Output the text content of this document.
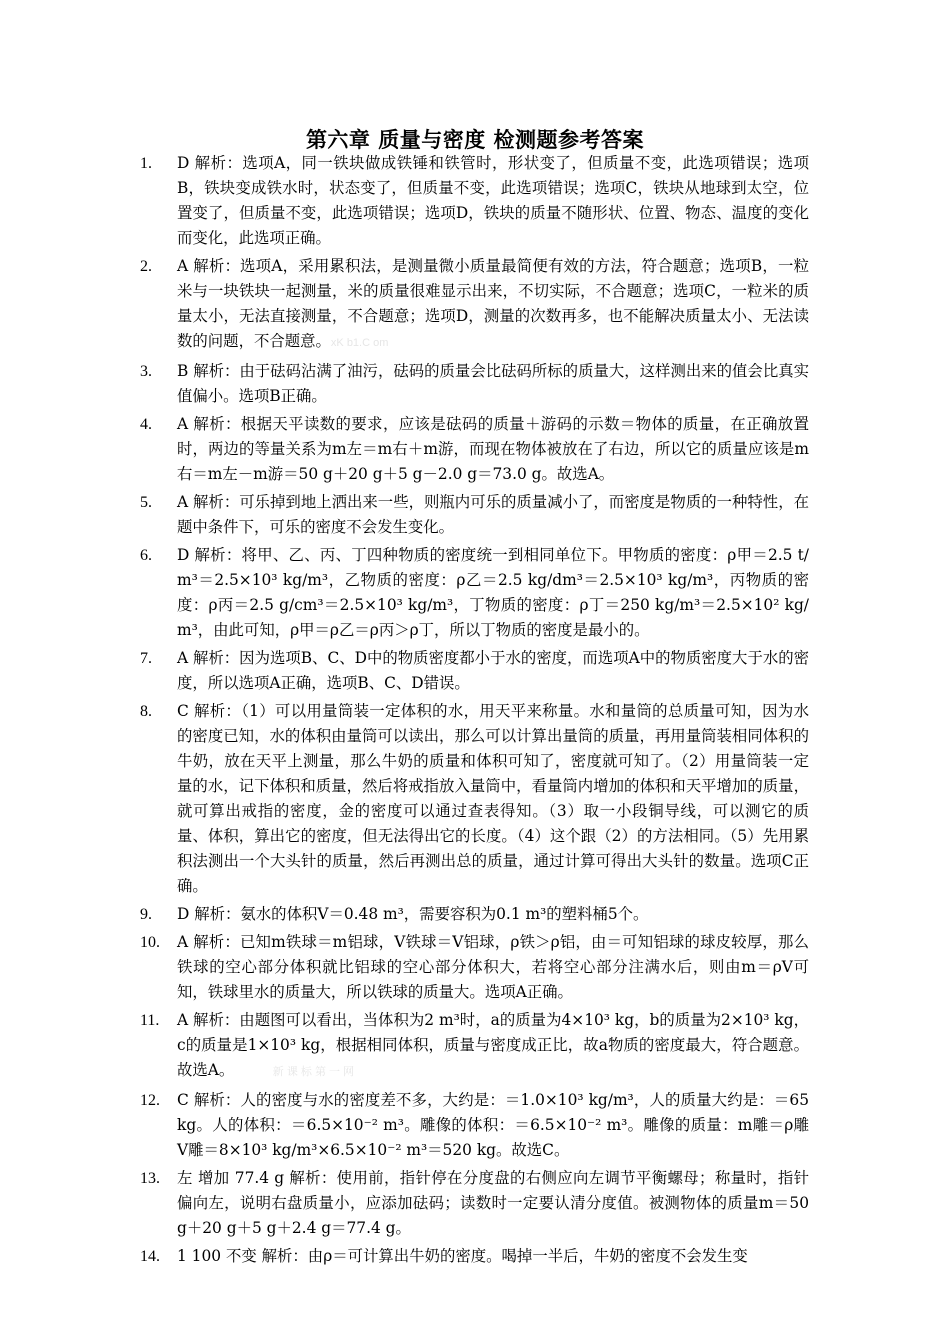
第六章 质量与密度 检测题参考答案
1.	D 解析：选项A，同一铁块做成铁锤和铁管时，形状变了，但质量不变，此选项错误；选项B，铁块变成铁水时，状态变了，但质量不变，此选项错误；选项C，铁块从地球到太空，位置变了，但质量不变，此选项错误；选项D，铁块的质量不随形状、位置、物态、温度的变化而变化，此选项正确。
2.	A 解析：选项A，采用累积法，是测量微小质量最简便有效的方法，符合题意；选项B，一粒米与一块铁块一起测量，米的质量很难显示出来，不切实际，不合题意；选项C，一粒米的质量太小，无法直接测量，不合题意；选项D，测量的次数再多，也不能解决质量太小、无法读数的问题，不合题意。xK b1.C om
3.	B 解析：由于砝码沾满了油污，砝码的质量会比砝码所标的质量大，这样测出来的值会比真实值偏小。选项B正确。
4.	A 解析：根据天平读数的要求，应该是砝码的质量＋游码的示数＝物体的质量，在正确放置时，两边的等量关系为m左＝m右＋m游，而现在物体被放在了右边，所以它的质量应该是m右＝m左－m游＝50 g＋20 g＋5 g－2.0 g＝73.0 g。故选A。
5.	A 解析：可乐掉到地上洒出来一些，则瓶内可乐的质量减小了，而密度是物质的一种特性，在题中条件下，可乐的密度不会发生变化。
6.	D 解析：将甲、乙、丙、丁四种物质的密度统一到相同单位下。甲物质的密度：ρ甲＝2.5 t/m³＝2.5×10³ kg/m³，乙物质的密度：ρ乙＝2.5 kg/dm³＝2.5×10³ kg/m³，丙物质的密度：ρ丙＝2.5 g/cm³＝2.5×10³ kg/m³，丁物质的密度：ρ丁＝250 kg/m³＝2.5×10² kg/m³，由此可知，ρ甲＝ρ乙＝ρ丙＞ρ丁，所以丁物质的密度是最小的。
7.	A 解析：因为选项B、C、D中的物质密度都小于水的密度，而选项A中的物质密度大于水的密度，所以选项A正确，选项B、C、D错误。
8.	C 解析：（1）可以用量筒装一定体积的水，用天平来称量。水和量筒的总质量可知，因为水的密度已知，水的体积由量筒可以读出，那么可以计算出量筒的质量，再用量筒装相同体积的牛奶，放在天平上测量，那么牛奶的质量和体积可知了，密度就可知了。（2）用量筒装一定量的水，记下体积和质量，然后将戒指放入量筒中，看量筒内增加的体积和天平增加的质量，就可算出戒指的密度，金的密度可以通过查表得知。（3）取一小段铜导线，可以测它的质量、体积，算出它的密度，但无法得出它的长度。（4）这个跟（2）的方法相同。（5）先用累积法测出一个大头针的质量，然后再测出总的质量，通过计算可得出大头针的数量。选项C正确。
9.	D 解析：氨水的体积V＝0.48 m³，需要容积为0.1 m³的塑料桶5个。
10.	A 解析：已知m铁球＝m铝球，V铁球＝V铝球，ρ铁＞ρ铝，由＝可知铝球的球皮较厚，那么铁球的空心部分体积就比铝球的空心部分体积大，若将空心部分注满水后，则由m＝ρV可知，铁球里水的质量大，所以铁球的质量大。选项A正确。
11.	A 解析：由题图可以看出，当体积为2 m³时，a的质量为4×10³ kg，b的质量为2×10³ kg，c的质量是1×10³ kg，根据相同体积，质量与密度成正比，故a物质的密度最大，符合题意。故选A。　　　	新 课 标 第 一 网
12.	C 解析：人的密度与水的密度差不多，大约是：＝1.0×10³ kg/m³，人的质量大约是：＝65 kg。人的体积：＝6.5×10⁻² m³。雕像的体积：＝6.5×10⁻² m³。雕像的质量：m雕＝ρ雕V雕＝8×10³ kg/m³×6.5×10⁻² m³＝520 kg。故选C。
13.	左 增加 77.4 g 解析：使用前，指针停在分度盘的右侧应向左调节平衡螺母；称量时，指针偏向左，说明右盘质量小，应添加砝码；读数时一定要认清分度值。被测物体的质量m＝50 g＋20 g＋5 g＋2.4 g＝77.4 g。
14.	1 100 不变 解析：由ρ＝可计算出牛奶的密度。喝掉一半后，牛奶的密度不会发生变
